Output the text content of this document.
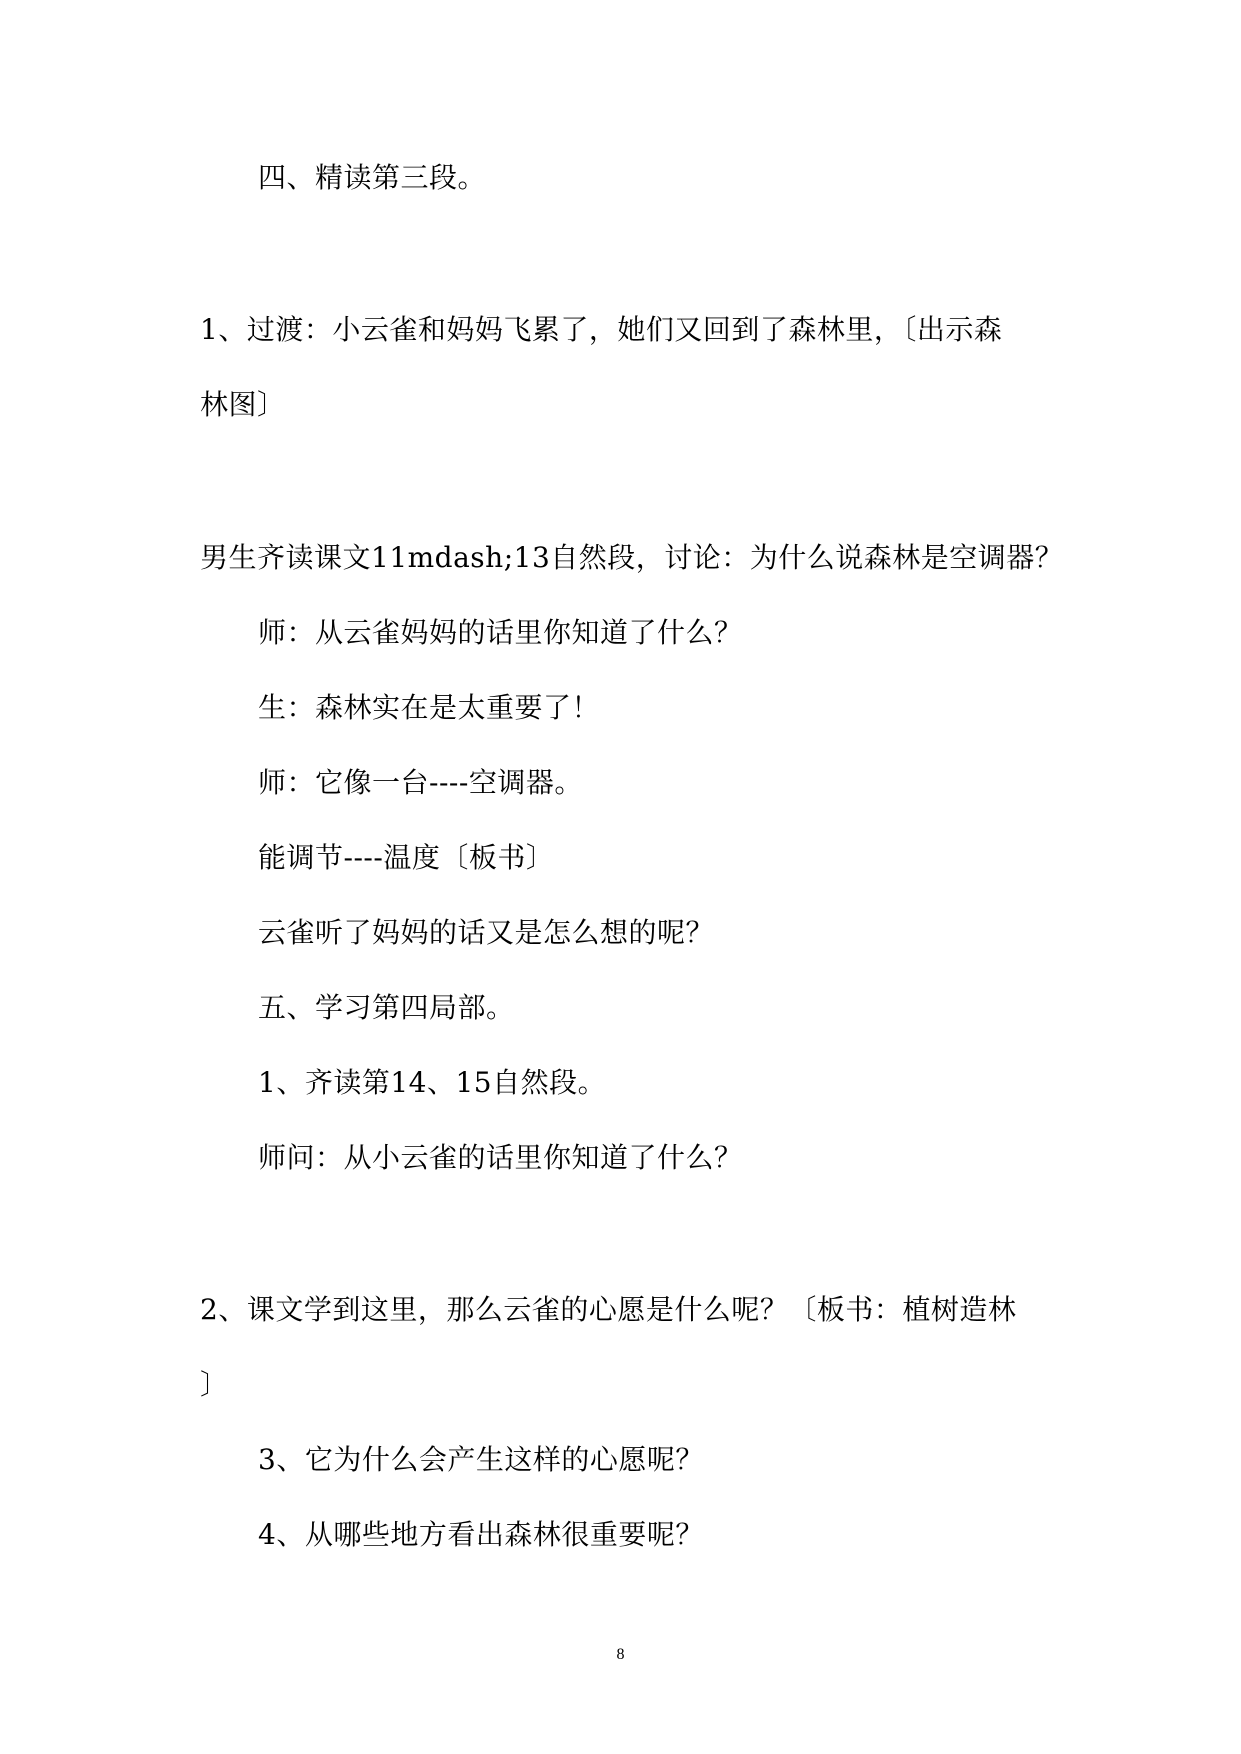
四、精读第三段。
1、过渡：小云雀和妈妈飞累了，她们又回到了森林里，〔出示森
林图〕
男生齐读课文11mdash;13自然段，讨论：为什么说森林是空调器？
师：从云雀妈妈的话里你知道了什么？
生：森林实在是太重要了！
师：它像一台----空调器。
能调节----温度〔板书〕
云雀听了妈妈的话又是怎么想的呢？
五、学习第四局部。
1、齐读第14、15自然段。
师问：从小云雀的话里你知道了什么？
2、课文学到这里，那么云雀的心愿是什么呢？〔板书：植树造林
〕
3、它为什么会产生这样的心愿呢？
4、从哪些地方看出森林很重要呢？
8
